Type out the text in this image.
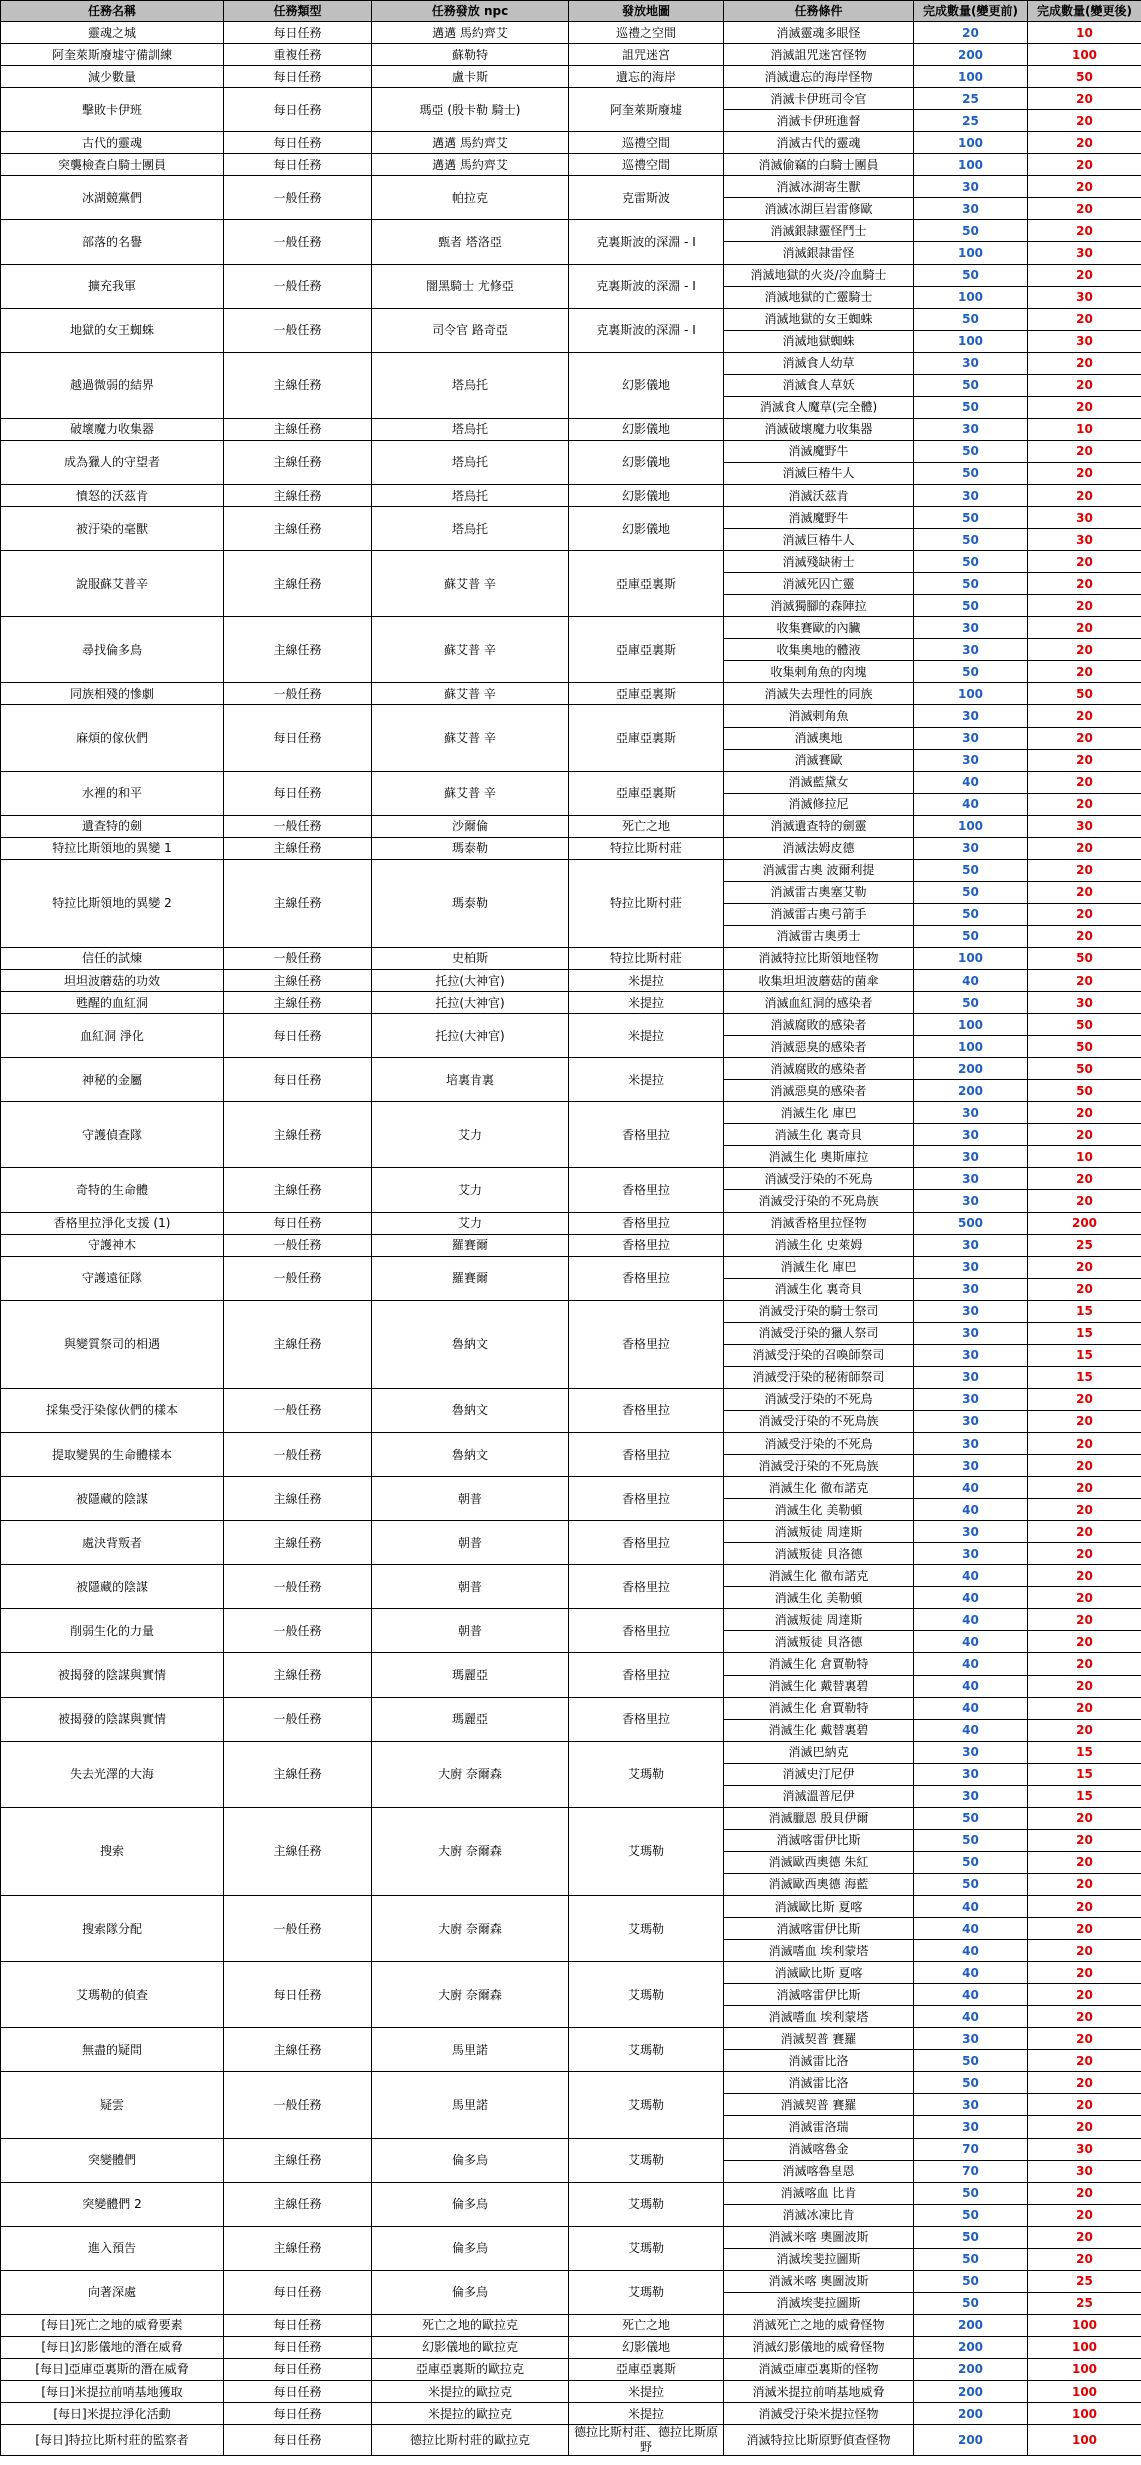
任務名稱	任務類型	任務發放 npc	發放地圖	任務條件	完成數量(變更前)	完成數量(變更後)
靈魂之城	每日任務	邁邁 馬約齊艾	巡禮之空間	消滅靈魂多眼怪	20	10
阿奎萊斯廢墟守備訓練	重複任務	蘇勒特	詛咒迷宮	消滅詛咒迷宮怪物	200	100
減少數量	每日任務	盧卡斯	遺忘的海岸	消滅遺忘的海岸怪物	100	50
擊敗卡伊班	每日任務	瑪亞 (殷卡勒 騎士)	阿奎萊斯廢墟	消滅卡伊班司令官	25	20
				消滅卡伊班進督	25	20
古代的靈魂	每日任務	邁邁 馬約齊艾	巡禮空間	消滅古代的靈魂	100	20
突襲檢查白騎士團員	每日任務	邁邁 馬約齊艾	巡禮空間	消滅偷竊的白騎士團員	100	20
冰湖競黨們	一般任務	帕拉克	克雷斯波	消滅冰湖寄生獸	30	20
				消滅冰湖巨岩雷修歐	30	20
部落的名譽	一般任務	甄者 塔洛亞	克裏斯波的深淵 - I	消滅銀隷靈怪鬥士	50	20
				消滅銀隷雷怪	100	30
擴充我軍	一般任務	闇黑騎士 尤修亞	克裏斯波的深淵 - I	消滅地獄的火炎/冷血騎士	50	20
				消滅地獄的亡靈騎士	100	30
地獄的女王蜘蛛	一般任務	司令官 路奇亞	克裏斯波的深淵 - I	消滅地獄的女王蜘蛛	50	20
				消滅地獄蜘蛛	100	30
越過微弱的結界	主線任務	塔烏托	幻影儀地	消滅食人幼草	30	20
				消滅食人草妖	50	20
				消滅食人魔草(完全體)	50	20
破壞魔力收集器	主線任務	塔烏托	幻影儀地	消滅破壞魔力收集器	30	10
成為獵人的守望者	主線任務	塔烏托	幻影儀地	消滅魔野牛	50	20
				消滅巨椿牛人	50	20
憤怒的沃茲肯	主線任務	塔烏托	幻影儀地	消滅沃茲肯	30	20
被汙染的毫獸	主線任務	塔烏托	幻影儀地	消滅魔野牛	50	30
				消滅巨椿牛人	50	30
說服蘇艾普辛	主線任務	蘇艾普 辛	亞庫亞裏斯	消滅殘缺術士	50	20
				消滅死囚亡靈	50	20
				消滅獨腳的森陣拉	50	20
尋找倫多鳥	主線任務	蘇艾普 辛	亞庫亞裏斯	收集賽歐的內臟	30	20
				收集奧地的體液	30	20
				收集剌角魚的肉塊	50	20
同族相殘的慘劇	一般任務	蘇艾普 辛	亞庫亞裏斯	消滅失去理性的同族	100	50
麻煩的傢伙們	每日任務	蘇艾普 辛	亞庫亞裏斯	消滅剌角魚	30	20
				消滅奧地	30	20
				消滅賽歐	30	20
水裡的和平	每日任務	蘇艾普 辛	亞庫亞裏斯	消滅藍黛女	40	20
				消滅修拉尼	40	20
遺查特的劍	一般任務	沙爾倫	死亡之地	消滅遺查特的劍靈	100	30
特拉比斯領地的異變 1	主線任務	瑪泰勒	特拉比斯村莊	消滅法姆皮德	30	20
特拉比斯領地的異變 2	主線任務	瑪泰勒	特拉比斯村莊	消滅雷古奧 波爾利提	50	20
				消滅雷古奧塞艾勒	50	20
				消滅雷古奧弓箭手	50	20
				消滅雷古奧勇士	50	20
信任的試煉	一般任務	史柏斯	特拉比斯村莊	消滅特拉比斯領地怪物	100	50
坦坦波蘑菇的功效	主線任務	托拉(大神官)	米提拉	收集坦坦波蘑菇的菌傘	40	20
甦醒的血紅洞	主線任務	托拉(大神官)	米提拉	消滅血紅洞的感染者	50	30
血紅洞 淨化	每日任務	托拉(大神官)	米提拉	消滅腐敗的感染者	100	50
				消滅惡臭的感染者	100	50
神秘的金屬	每日任務	培裏肯裏	米提拉	消滅腐敗的感染者	200	50
				消滅惡臭的感染者	200	50
守護偵查隊	主線任務	艾力	香格里拉	消滅生化 庫巴	30	20
				消滅生化 裏奇貝	30	20
				消滅生化 奧斯庫拉	30	10
奇特的生命體	主線任務	艾力	香格里拉	消滅受汙染的不死鳥	30	20
				消滅受汙染的不死鳥族	30	20
香格里拉淨化支援 (1)	每日任務	艾力	香格里拉	消滅香格里拉怪物	500	200
守護神木	一般任務	羅賽爾	香格里拉	消滅生化 史萊姆	30	25
守護遠征隊	一般任務	羅賽爾	香格里拉	消滅生化 庫巴	30	20
				消滅生化 裏奇貝	30	20
與變質祭司的相遇	主線任務	魯納文	香格里拉	消滅受汙染的騎士祭司	30	15
				消滅受汙染的獵人祭司	30	15
				消滅受汙染的召喚師祭司	30	15
				消滅受汙染的秘術師祭司	30	15
採集受汙染傢伙們的樣本	一般任務	魯納文	香格里拉	消滅受汙染的不死鳥	30	20
				消滅受汙染的不死鳥族	30	20
提取變異的生命體樣本	一般任務	魯納文	香格里拉	消滅受汙染的不死鳥	30	20
				消滅受汙染的不死鳥族	30	20
被隱藏的陰謀	主線任務	朝普	香格里拉	消滅生化 徹布諾克	40	20
				消滅生化 美勒頓	40	20
處決背叛者	主線任務	朝普	香格里拉	消滅叛徒 周達斯	30	20
				消滅叛徒 貝洛德	30	20
被隱藏的陰謀	一般任務	朝普	香格里拉	消滅生化 徹布諾克	40	20
				消滅生化 美勒頓	40	20
削弱生化的力量	一般任務	朝普	香格里拉	消滅叛徒 周達斯	40	20
				消滅叛徒 貝洛德	40	20
被揭發的陰謀與實情	主線任務	瑪麗亞	香格里拉	消滅生化 倉賈勒特	40	20
				消滅生化 戴替裏碧	40	20
被揭發的陰謀與實情	一般任務	瑪麗亞	香格里拉	消滅生化 倉賈勒特	40	20
				消滅生化 戴替裏碧	40	20
失去光澤的大海	主線任務	大廚 奈爾森	艾瑪勒	消滅巴納克	30	15
				消滅史汀尼伊	30	15
				消滅溫普尼伊	30	15
搜索	主線任務	大廚 奈爾森	艾瑪勒	消滅臘恩 殷貝伊爾	50	20
				消滅喀雷伊比斯	50	20
				消滅歐西奧德 朱紅	50	20
				消滅歐西奧德 海藍	50	20
搜索隊分配	一般任務	大廚 奈爾森	艾瑪勒	消滅歐比斯 夏喀	40	20
				消滅喀雷伊比斯	40	20
				消滅嗜血 埃利蒙塔	40	20
艾瑪勒的偵查	每日任務	大廚 奈爾森	艾瑪勒	消滅歐比斯 夏喀	40	20
				消滅喀雷伊比斯	40	20
				消滅嗜血 埃利蒙塔	40	20
無盡的疑問	主線任務	馬里諾	艾瑪勒	消滅契普 賽羅	30	20
				消滅雷比洛	50	20
疑雲	一般任務	馬里諾	艾瑪勒	消滅雷比洛	50	20
				消滅契普 賽羅	30	20
				消滅雷洛瑞	30	20
突變體們	主線任務	倫多烏	艾瑪勒	消滅喀魯金	70	30
				消滅喀魯皇恩	70	30
突變體們 2	主線任務	倫多烏	艾瑪勒	消滅喀血 比肯	50	20
				消滅冰凍比肯	50	20
進入預告	主線任務	倫多烏	艾瑪勒	消滅米喀 奧圖波斯	50	20
				消滅埃斐拉圖斯	50	20
向著深處	每日任務	倫多烏	艾瑪勒	消滅米喀 奧圖波斯	50	25
				消滅埃斐拉圖斯	50	25
[每日]死亡之地的威脅要素	每日任務	死亡之地的歐拉克	死亡之地	消滅死亡之地的威脅怪物	200	100
[每日]幻影儀地的潛在威脅	每日任務	幻影儀地的歐拉克	幻影儀地	消滅幻影儀地的威脅怪物	200	100
[每日]亞庫亞裏斯的潛在威脅	每日任務	亞庫亞裏斯的歐拉克	亞庫亞裏斯	消滅亞庫亞裏斯的怪物	200	100
[每日]米提拉前哨基地獲取	每日任務	米提拉的歐拉克	米提拉	消滅米提拉前哨基地威脅	200	100
[每日]米提拉淨化活動	每日任務	米提拉的歐拉克	米提拉	消滅受汙染米提拉怪物	200	100
[每日]特拉比斯村莊的監察者	每日任務	德拉比斯村莊的歐拉克	德拉比斯村莊、德拉比斯原野	消滅特拉比斯原野偵查怪物	200	100
